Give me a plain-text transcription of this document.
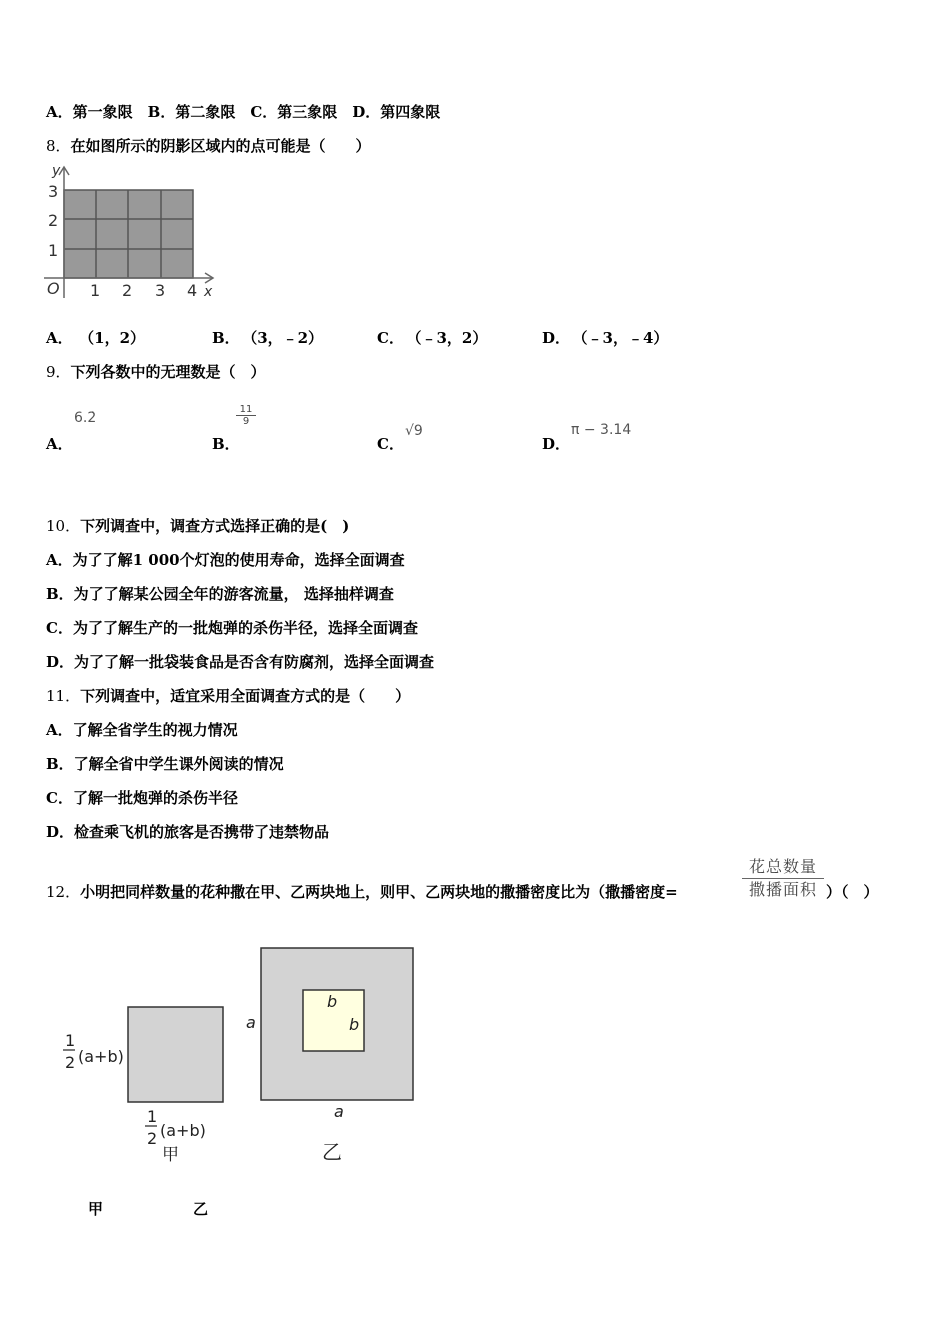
A．第一象限　B．第二象限　C．第三象限　D．第四象限
8．在如图所示的阴影区域内的点可能是（　　）
y
3
2
1
O 1 2 3 4 x
A． （1，2）	B． （3，﹣2）	C． （﹣3，2）	D． （﹣3，﹣4）
9．下列各数中的无理数是（　）
A．
6.2̇
B．
$\frac{11}{9}$
C．
√9
D．
π − 3.14
10．下列调查中，调查方式选择正确的是(　)
A．为了了解1 000个灯泡的使用寿命，选择全面调查
B．为了了解某公园全年的游客流量， 选择抽样调查
C．为了了解生产的一批炮弹的杀伤半径，选择全面调查
D．为了了解一批袋装食品是否含有防腐剂，选择全面调查
11．下列调查中，适宜采用全面调查方式的是（　　）
A．了解全省学生的视力情况
B．了解全省中学生课外阅读的情况
C．了解一批炮弹的杀伤半径
D．检查乘飞机的旅客是否携带了违禁物品
12．小明把同样数量的花种撒在甲、乙两块地上，则甲、乙两块地的撒播密度比为（撒播密度=
花总数量
撒播面积 ）（　）
1
2 (a+b)
1
2 (a+b)
甲
a
a
b
b
乙
甲	乙
